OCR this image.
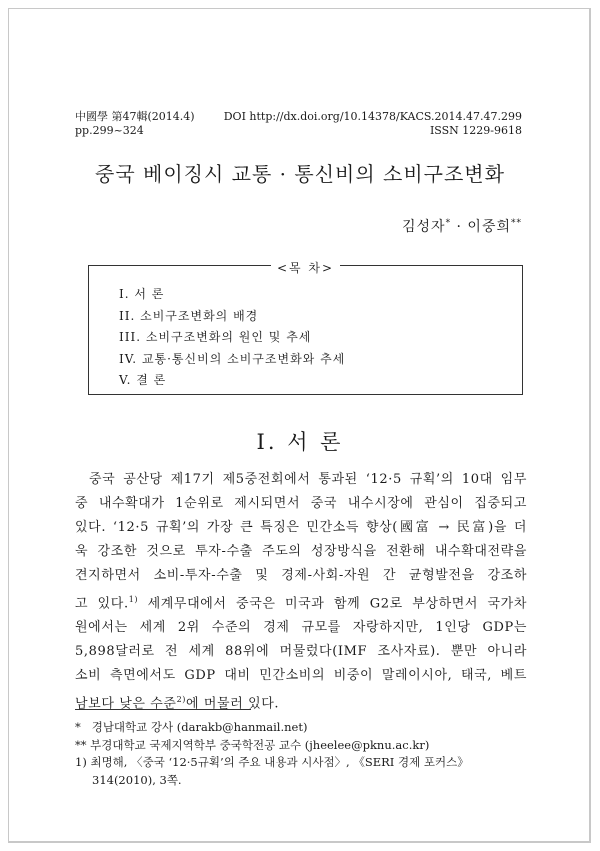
中國學 第47輯(2014.4)
pp.299~324
DOI http://dx.doi.org/10.14378/KACS.2014.47.47.299
ISSN 1229-9618
중국 베이징시 교통 · 통신비의 소비구조변화
김성자* · 이중희**
<목 차>
I. 서 론
II. 소비구조변화의 배경
III. 소비구조변화의 원인 및 추세
IV. 교통·통신비의 소비구조변화와 추세
V. 결 론
I. 서 론
중국 공산당 제17기 제5중전회에서 통과된 ‘12·5 규획’의 10대 임무
중 내수확대가 1순위로 제시되면서 중국 내수시장에 관심이 집중되고
있다. ‘12·5 규획’의 가장 큰 특징은 민간소득 향상(國富 → 民富)을 더
욱 강조한 것으로 투자-수출 주도의 성장방식을 전환해 내수확대전략을
견지하면서 소비-투자-수출 및 경제-사회-자원 간 균형발전을 강조하
고 있다.$^{1)}$ 세계무대에서 중국은 미국과 함께 G2로 부상하면서 국가차
원에서는 세계 2위 수준의 경제 규모를 자랑하지만, 1인당 GDP는
5,898달러로 전 세계 88위에 머물렀다(IMF 조사자료). 뿐만 아니라
소비 측면에서도 GDP 대비 민간소비의 비중이 말레이시아, 태국, 베트
남보다 낮은 수준$^{2)}$에 머물러 있다.
* 경남대학교 강사 (darakb@hanmail.net)
** 부경대학교 국제지역학부 중국학전공 교수 (jheelee@pknu.ac.kr)
1) 최명해, 〈중국 ‘12·5규획’의 주요 내용과 시사점〉, 《SERI 경제 포커스》
314(2010), 3쪽.
